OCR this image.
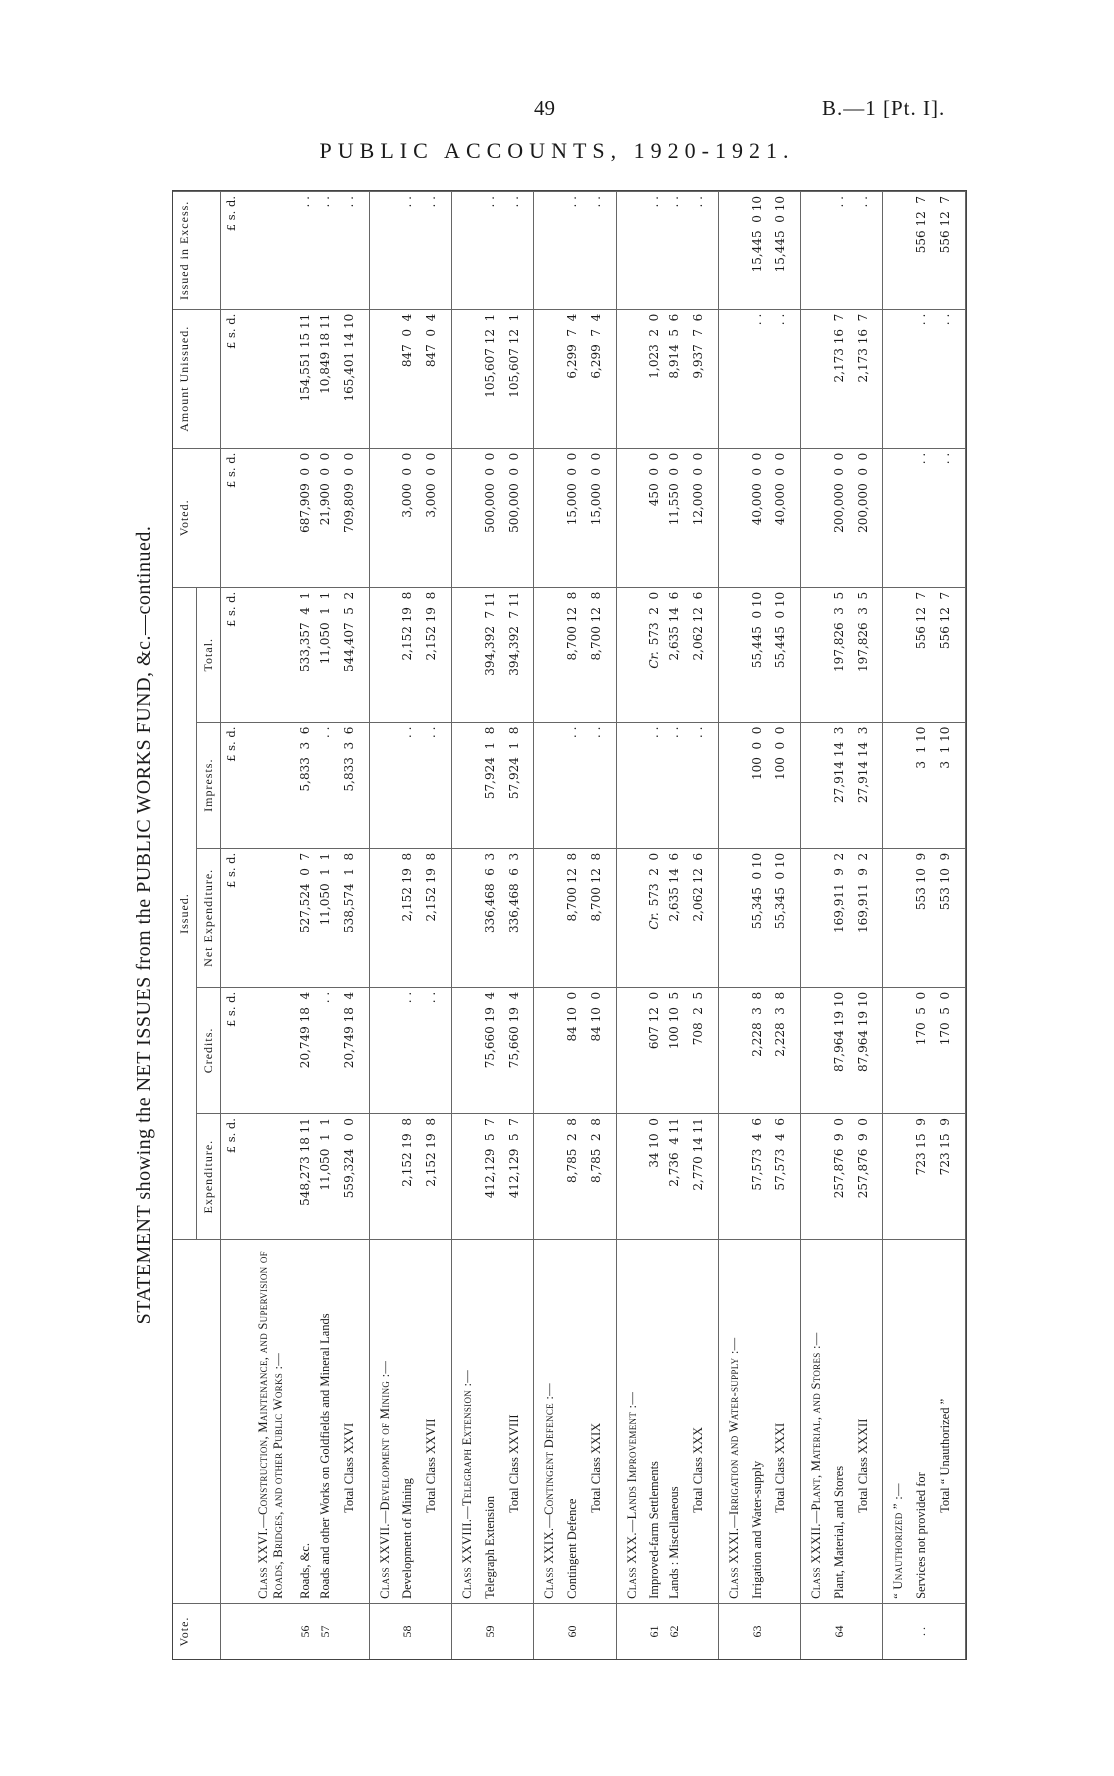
49	B.—1 [Pt. I].
PUBLIC ACCOUNTS, 1920-1921.
STATEMENT showing the NET ISSUES from the PUBLIC WORKS FUND, &c.—continued.
Vote.		Issued.					Voted.	Amount Unissued.	Issued in Excess.
		Expenditure.	Credits.	Net Expenditure.	Imprests.	Total.			
		£ s. d.	£ s. d.	£ s. d.	£ s. d.	£ s. d.	£ s. d.	£ s. d.	£ s. d.
	Class XXVI.—Construction, Maintenance, and Supervision of Roads, Bridges, and other Public Works :—								
56	Roads, &c.	548,273 18 11	20,749 18  4	527,524  0  7	5,833  3  6	533,357  4  1	687,909  0  0	154,551 15 11	. .
57	Roads and other Works on Goldfields and Mineral Lands	11,050  1  1	. .	11,050  1  1	. .	11,050  1  1	21,900  0  0	10,849 18 11	. .
	Total Class XXVI	559,324  0  0	20,749 18  4	538,574  1  8	5,833  3  6	544,407  5  2	709,809  0  0	165,401 14 10	. .
	Class XXVII.—Development of Mining :—								
58	Development of Mining	2,152 19  8	. .	2,152 19  8	. .	2,152 19  8	3,000  0  0	847  0  4	. .
	Total Class XXVII	2,152 19  8	. .	2,152 19  8	. .	2,152 19  8	3,000  0  0	847  0  4	. .
	Class XXVIII.—Telegraph Extension :—								
59	Telegraph Extension	412,129  5  7	75,660 19  4	336,468  6  3	57,924  1  8	394,392  7 11	500,000  0  0	105,607 12  1	. .
	Total Class XXVIII	412,129  5  7	75,660 19  4	336,468  6  3	57,924  1  8	394,392  7 11	500,000  0  0	105,607 12  1	. .
	Class XXIX.—Contingent Defence :—								
60	Contingent Defence	8,785  2  8	84 10  0	8,700 12  8	. .	8,700 12  8	15,000  0  0	6,299  7  4	. .
	Total Class XXIX	8,785  2  8	84 10  0	8,700 12  8	. .	8,700 12  8	15,000  0  0	6,299  7  4	. .
	Class XXX.—Lands Improvement :—								
61	Improved-farm Settlements	34 10  0	607 12  0	Cr.573  2  0	. .	Cr.573  2  0	450  0  0	1,023  2  0	. .
62	Lands : Miscellaneous	2,736  4 11	100 10  5	2,635 14  6	. .	2,635 14  6	11,550  0  0	8,914  5  6	. .
	Total Class XXX	2,770 14 11	708  2  5	2,062 12  6	. .	2,062 12  6	12,000  0  0	9,937  7  6	. .
	Class XXXI.—Irrigation and Water-supply :—								
63	Irrigation and Water-supply	57,573  4  6	2,228  3  8	55,345  0 10	100  0  0	55,445  0 10	40,000  0  0	. .	15,445  0 10
	Total Class XXXI	57,573  4  6	2,228  3  8	55,345  0 10	100  0  0	55,445  0 10	40,000  0  0	. .	15,445  0 10
	Class XXXII.—Plant, Material, and Stores :—								
64	Plant, Material, and Stores	257,876  9  0	87,964 19 10	169,911  9  2	27,914 14  3	197,826  3  5	200,000  0  0	2,173 16  7	. .
	Total Class XXXII	257,876  9  0	87,964 19 10	169,911  9  2	27,914 14  3	197,826  3  5	200,000  0  0	2,173 16  7	. .
	“ Unauthorized ” :—								
. .	Services not provided for	723 15  9	170  5  0	553 10  9	3  1 10	556 12  7	. .	. .	556 12  7
	Total “ Unauthorized ”	723 15  9	170  5  0	553 10  9	3  1 10	556 12  7	. .	. .	556 12  7
